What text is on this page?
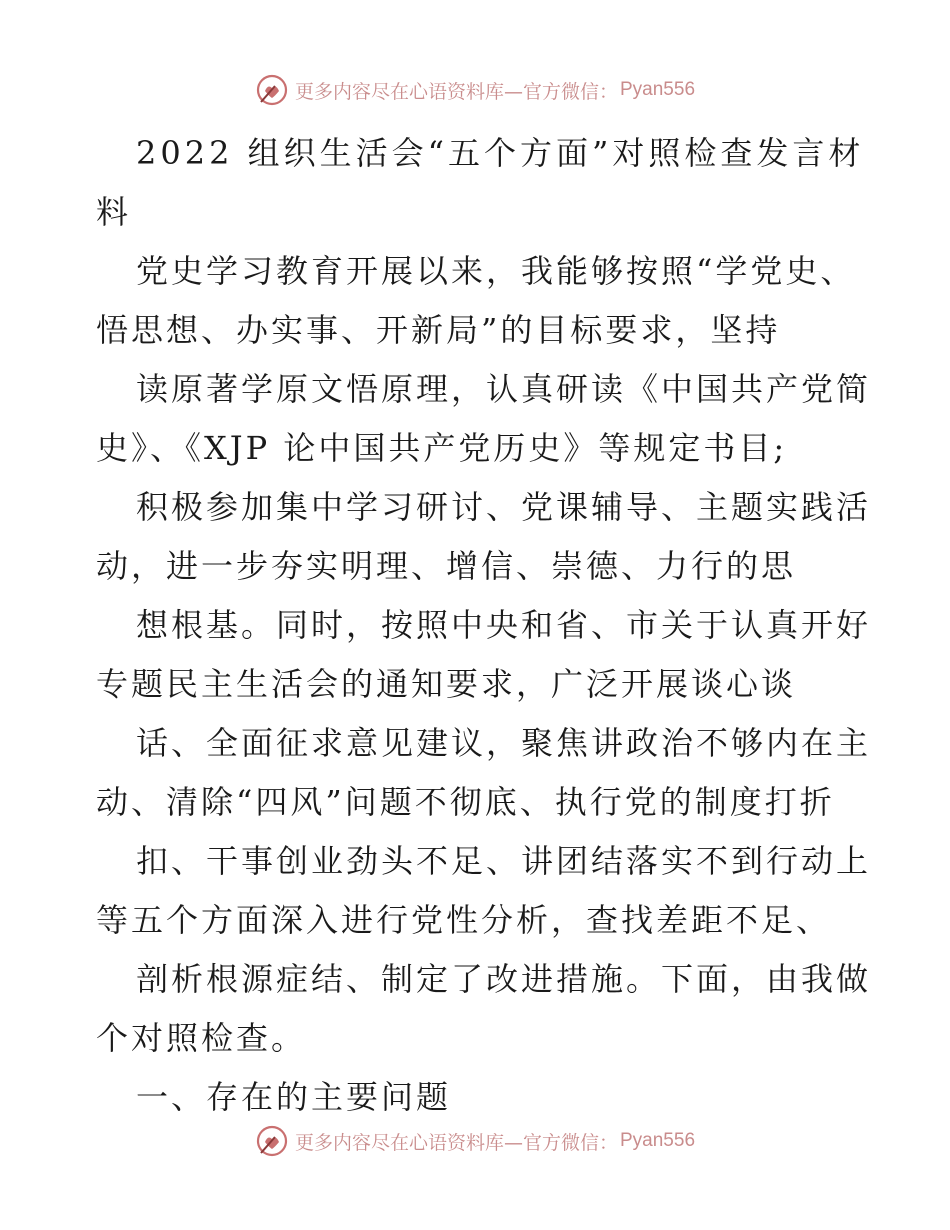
更多内容尽在心语资料库—官方微信： Pyan556
2022 组织生活会“五个方面”对照检查发言材
料
党史学习教育开展以来，我能够按照“学党史、
悟思想、办实事、开新局”的目标要求，坚持
读原著学原文悟原理，认真研读《中国共产党简
史》、《XJP 论中国共产党历史》等规定书目;
积极参加集中学习研讨、党课辅导、主题实践活
动，进一步夯实明理、增信、崇德、力行的思
想根基。同时，按照中央和省、市关于认真开好
专题民主生活会的通知要求，广泛开展谈心谈
话、全面征求意见建议，聚焦讲政治不够内在主
动、清除“四风”问题不彻底、执行党的制度打折
扣、干事创业劲头不足、讲团结落实不到行动上
等五个方面深入进行党性分析，查找差距不足、
剖析根源症结、制定了改进措施。下面，由我做
个对照检查。
一、存在的主要问题
更多内容尽在心语资料库—官方微信： Pyan556
